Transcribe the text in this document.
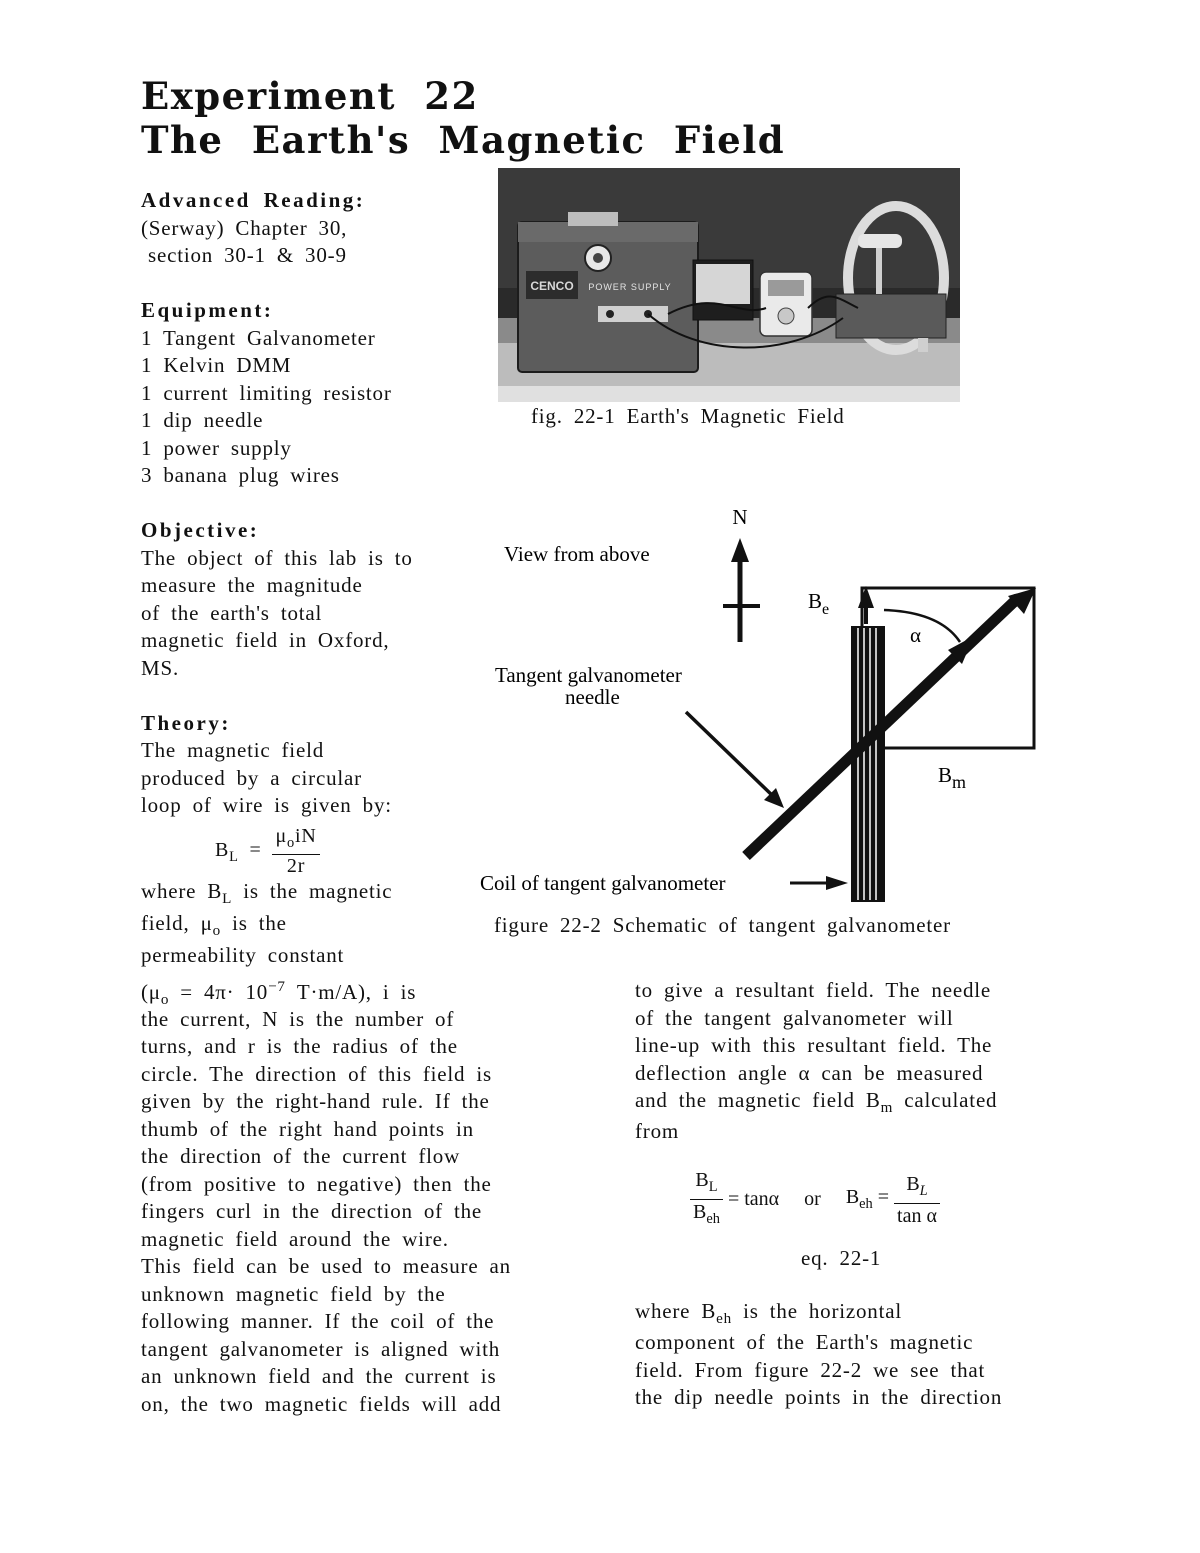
Experiment 22
The Earth's Magnetic Field

Advanced Reading:

(Serway) Chapter 30,

section 30-1 & 30-9

Equipment:

1 Tangent Galvanometer

1 Kelvin DMM

1 current limiting resistor

1 dip needle

1 power supply

3 banana plug wires

Objective:

The object of this lab is to

measure the magnitude

of the earth's total

magnetic field in Oxford,

MS.

Theory:

The magnetic field

produced by a circular

loop of wire is given by:

$B_L = \frac{\mu_oiN}{2r}$

where $B_L$ is the magnetic

field, $\mu_o$ is the

permeability constant

($\mu_o = 4\pi\cdot 10^{-7}$ T·m/A), i is

the current, N is the number of

turns, and r is the radius of the

circle. The direction of this field is

given by the right-hand rule. If the

thumb of the right hand points in

the direction of the current flow

(from positive to negative) then the

fingers curl in the direction of the

magnetic field around the wire.

This field can be used to measure an

unknown magnetic field by the

following manner. If the coil of the

tangent galvanometer is aligned with

an unknown field and the current is

on, the two magnetic fields will add

CENCO POWER SUPPLY
fig. 22-1 Earth's Magnetic Field
N
View from above
Tangent galvanometer
needle
Coil of tangent galvanometer
$B_e$
α
Bm
figure 22-2 Schematic of tangent galvanometer

to give a resultant field. The needle

of the tangent galvanometer will

line-up with this resultant field. The

deflection angle α can be measured

and the magnetic field $B_m$ calculated

from

$\frac{B_L}{B_{eh}} = \tan\alpha$ or $B_{eh} = \frac{B_L}{\text{tan α}}$
eq. 22-1

where $B_{eh}$ is the horizontal

component of the Earth's magnetic

field. From figure 22-2 we see that

the dip needle points in the direction
